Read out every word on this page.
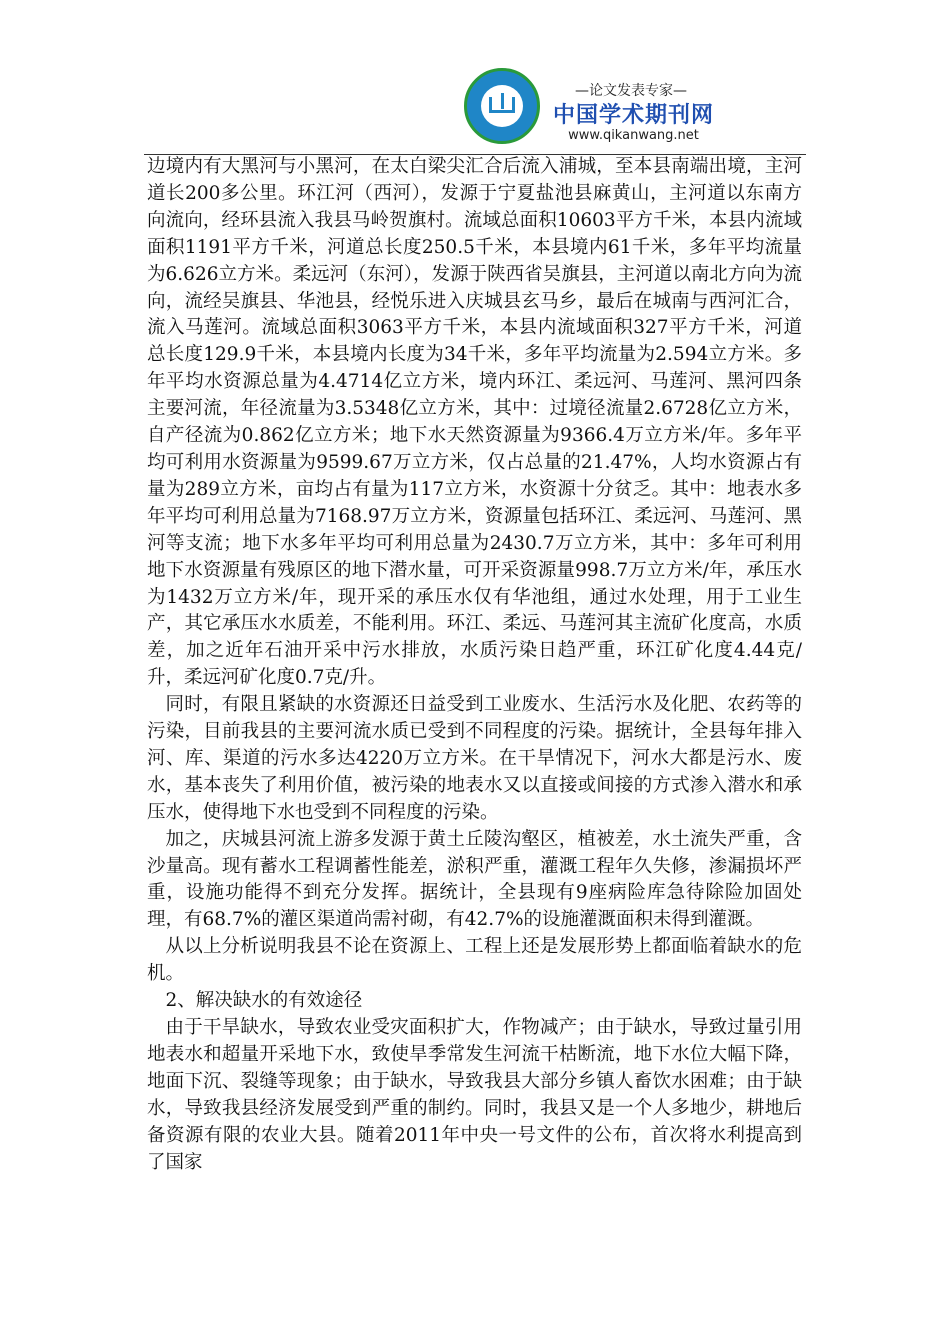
—论文发表专家—
中国学术期刊网
www.qikanwang.net

边境内有大黑河与小黑河，在太白梁尖汇合后流入浦城，至本县南端出境，主河道长200多公里。环江河（西河），发源于宁夏盐池县麻黄山，主河道以东南方向流向，经环县流入我县马岭贺旗村。流域总面积10603平方千米，本县内流域面积1191平方千米，河道总长度250.5千米，本县境内61千米，多年平均流量为6.626立方米。柔远河（东河），发源于陕西省吴旗县，主河道以南北方向为流向，流经吴旗县、华池县，经悦乐进入庆城县玄马乡，最后在城南与西河汇合，流入马莲河。流域总面积3063平方千米，本县内流域面积327平方千米，河道总长度129.9千米，本县境内长度为34千米，多年平均流量为2.594立方米。多年平均水资源总量为4.4714亿立方米，境内环江、柔远河、马莲河、黑河四条主要河流，年径流量为3.5348亿立方米，其中：过境径流量2.6728亿立方米，自产径流为0.862亿立方米；地下水天然资源量为9366.4万立方米/年。多年平均可利用水资源量为9599.67万立方米，仅占总量的21.47%，人均水资源占有量为289立方米，亩均占有量为117立方米，水资源十分贫乏。其中：地表水多年平均可利用总量为7168.97万立方米，资源量包括环江、柔远河、马莲河、黑河等支流；地下水多年平均可利用总量为2430.7万立方米，其中：多年可利用地下水资源量有残原区的地下潜水量，可开采资源量998.7万立方米/年，承压水为1432万立方米/年，现开采的承压水仅有华池组，通过水处理，用于工业生产，其它承压水水质差，不能利用。环江、柔远、马莲河其主流矿化度高，水质差，加之近年石油开采中污水排放，水质污染日趋严重，环江矿化度4.44克/升，柔远河矿化度0.7克/升。

同时，有限且紧缺的水资源还日益受到工业废水、生活污水及化肥、农药等的污染，目前我县的主要河流水质已受到不同程度的污染。据统计，全县每年排入河、库、渠道的污水多达4220万立方米。在干旱情况下，河水大都是污水、废水，基本丧失了利用价值，被污染的地表水又以直接或间接的方式渗入潜水和承压水，使得地下水也受到不同程度的污染。

加之，庆城县河流上游多发源于黄土丘陵沟壑区，植被差，水土流失严重，含沙量高。现有蓄水工程调蓄性能差，淤积严重，灌溉工程年久失修，渗漏损坏严重，设施功能得不到充分发挥。据统计，全县现有9座病险库急待除险加固处理，有68.7%的灌区渠道尚需衬砌，有42.7%的设施灌溉面积未得到灌溉。

从以上分析说明我县不论在资源上、工程上还是发展形势上都面临着缺水的危机。

2、解决缺水的有效途径

由于干旱缺水，导致农业受灾面积扩大，作物减产；由于缺水，导致过量引用地表水和超量开采地下水，致使旱季常发生河流干枯断流，地下水位大幅下降，地面下沉、裂缝等现象；由于缺水，导致我县大部分乡镇人畜饮水困难；由于缺水，导致我县经济发展受到严重的制约。同时，我县又是一个人多地少，耕地后备资源有限的农业大县。随着2011年中央一号文件的公布，首次将水利提高到了国家
